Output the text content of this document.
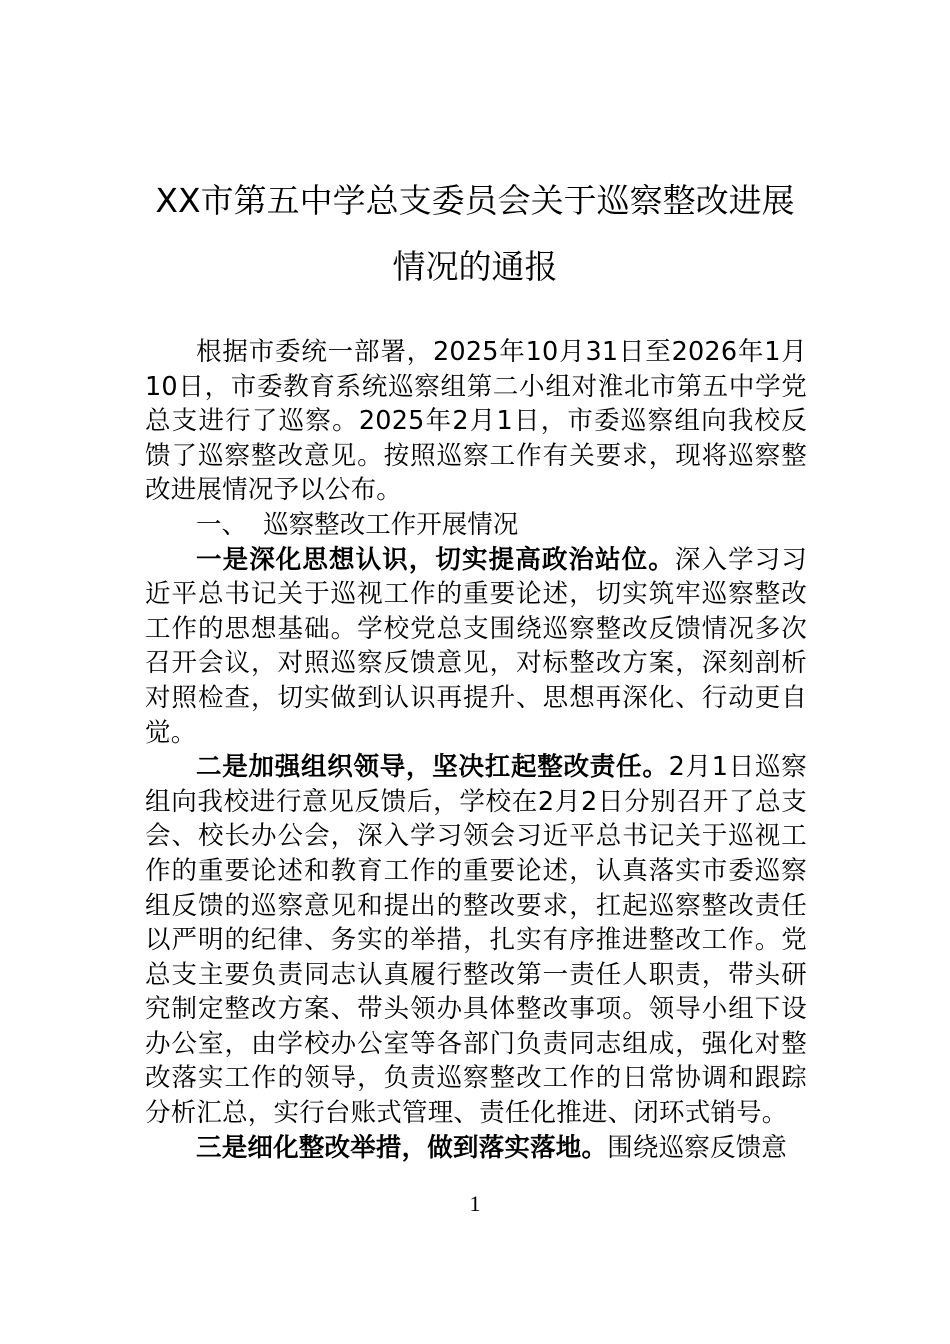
XX市第五中学总支委员会关于巡察整改进展情况的通报

根据市委统一部署，2025年10月31日至2026年1月10日，市委教育系统巡察组第二小组对淮北市第五中学党总支进行了巡察。2025年2月1日，市委巡察组向我校反馈了巡察整改意见。按照巡察工作有关要求，现将巡察整改进展情况予以公布。

一、  巡察整改工作开展情况

一是深化思想认识，切实提高政治站位。深入学习习近平总书记关于巡视工作的重要论述，切实筑牢巡察整改工作的思想基础。学校党总支围绕巡察整改反馈情况多次召开会议，对照巡察反馈意见，对标整改方案，深刻剖析对照检查，切实做到认识再提升、思想再深化、行动更自觉。

二是加强组织领导，坚决扛起整改责任。2月1日巡察组向我校进行意见反馈后，学校在2月2日分别召开了总支会、校长办公会，深入学习领会习近平总书记关于巡视工作的重要论述和教育工作的重要论述，认真落实市委巡察组反馈的巡察意见和提出的整改要求，扛起巡察整改责任以严明的纪律、务实的举措，扎实有序推进整改工作。党总支主要负责同志认真履行整改第一责任人职责，带头研究制定整改方案、带头领办具体整改事项。领导小组下设办公室，由学校办公室等各部门负责同志组成，强化对整改落实工作的领导，负责巡察整改工作的日常协调和跟踪分析汇总，实行台账式管理、责任化推进、闭环式销号。

三是细化整改举措，做到落实落地。围绕巡察反馈意

1
